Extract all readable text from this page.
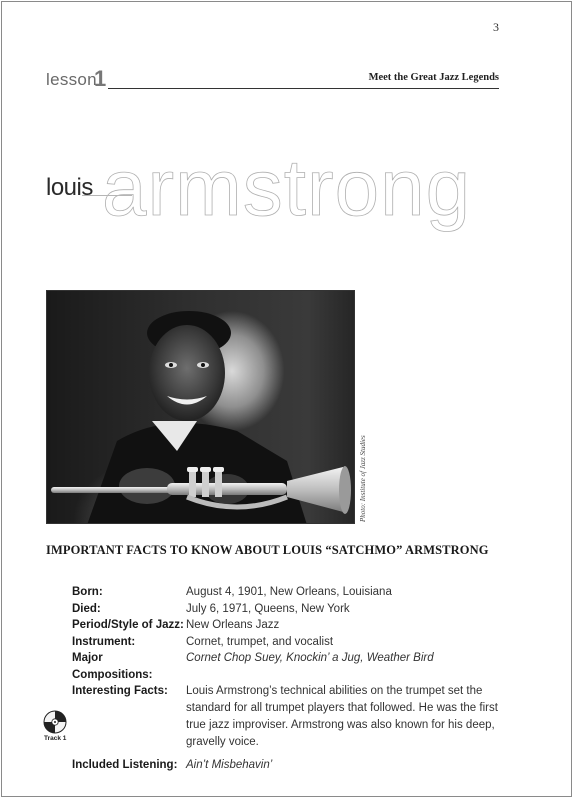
3
lesson
1	Meet the Great Jazz Legends
armstrong
louis
Photo: Institute of Jazz Studies
IMPORTANT FACTS TO KNOW ABOUT LOUIS “SATCHMO” ARMSTRONG
Born:	August 4, 1901, New Orleans, Louisiana
Died:	July 6, 1971, Queens, New York
Period/Style of Jazz: New Orleans Jazz
Instrument:	Cornet, trumpet, and vocalist
Major Compositions:
Cornet Chop Suey, Knockin’ a Jug, Weather Bird
Interesting Facts:	Louis Armstrong’s technical abilities on the trumpet set the standard for all trumpet players that followed. He was the first true jazz improviser. Armstrong was also known for his deep, gravelly voice.
Included Listening: Ain’t Misbehavin’
Track 1
